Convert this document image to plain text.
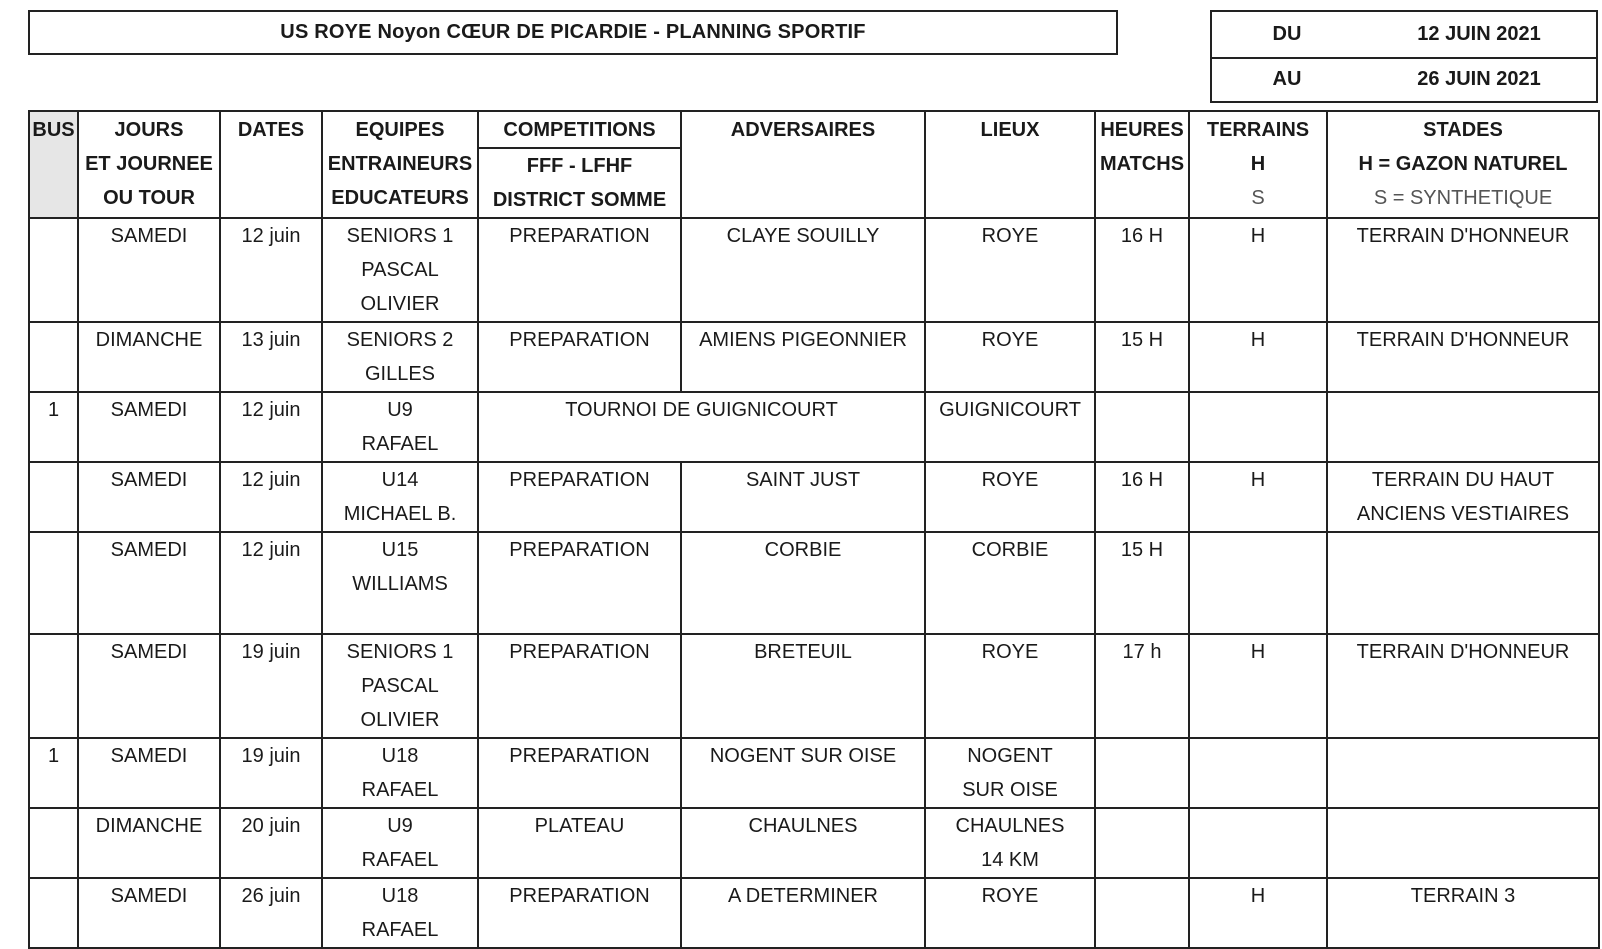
US ROYE Noyon CŒUR DE PICARDIE - PLANNING SPORTIF	DU	12 JUIN 2021
AU	26 JUIN 2021
BUS	JOURS
ET JOURNEE
OU TOUR	DATES	EQUIPES
ENTRAINEURS
EDUCATEURS	COMPETITIONS
FFF - LFHF
DISTRICT SOMME	ADVERSAIRES	LIEUX	HEURES
MATCHS	TERRAINS
H
S	STADES
H = GAZON NATUREL
S = SYNTHETIQUE

	SAMEDI	12 juin	SENIORS 1
PASCAL
OLIVIER	PREPARATION	CLAYE SOUILLY	ROYE	16 H	H	TERRAIN D'HONNEUR

	DIMANCHE	13 juin	SENIORS 2
GILLES	PREPARATION	AMIENS PIGEONNIER	ROYE	15 H	H	TERRAIN D'HONNEUR

1	SAMEDI	12 juin	U9
RAFAEL	TOURNOI DE GUIGNICOURT		GUIGNICOURT			

	SAMEDI	12 juin	U14
MICHAEL B.	PREPARATION	SAINT JUST	ROYE	16 H	H	TERRAIN DU HAUT
ANCIENS VESTIAIRES

	SAMEDI	12 juin	U15
WILLIAMS	PREPARATION	CORBIE	CORBIE	15 H		

	SAMEDI	19 juin	SENIORS 1
PASCAL
OLIVIER	PREPARATION	BRETEUIL	ROYE	17 h	H	TERRAIN D'HONNEUR

1	SAMEDI	19 juin	U18
RAFAEL	PREPARATION	NOGENT SUR OISE	NOGENT
SUR OISE			

	DIMANCHE	20 juin	U9
RAFAEL	PLATEAU	CHAULNES	CHAULNES
14 KM			

	SAMEDI	26 juin	U18
RAFAEL	PREPARATION	A DETERMINER	ROYE		H	TERRAIN 3
